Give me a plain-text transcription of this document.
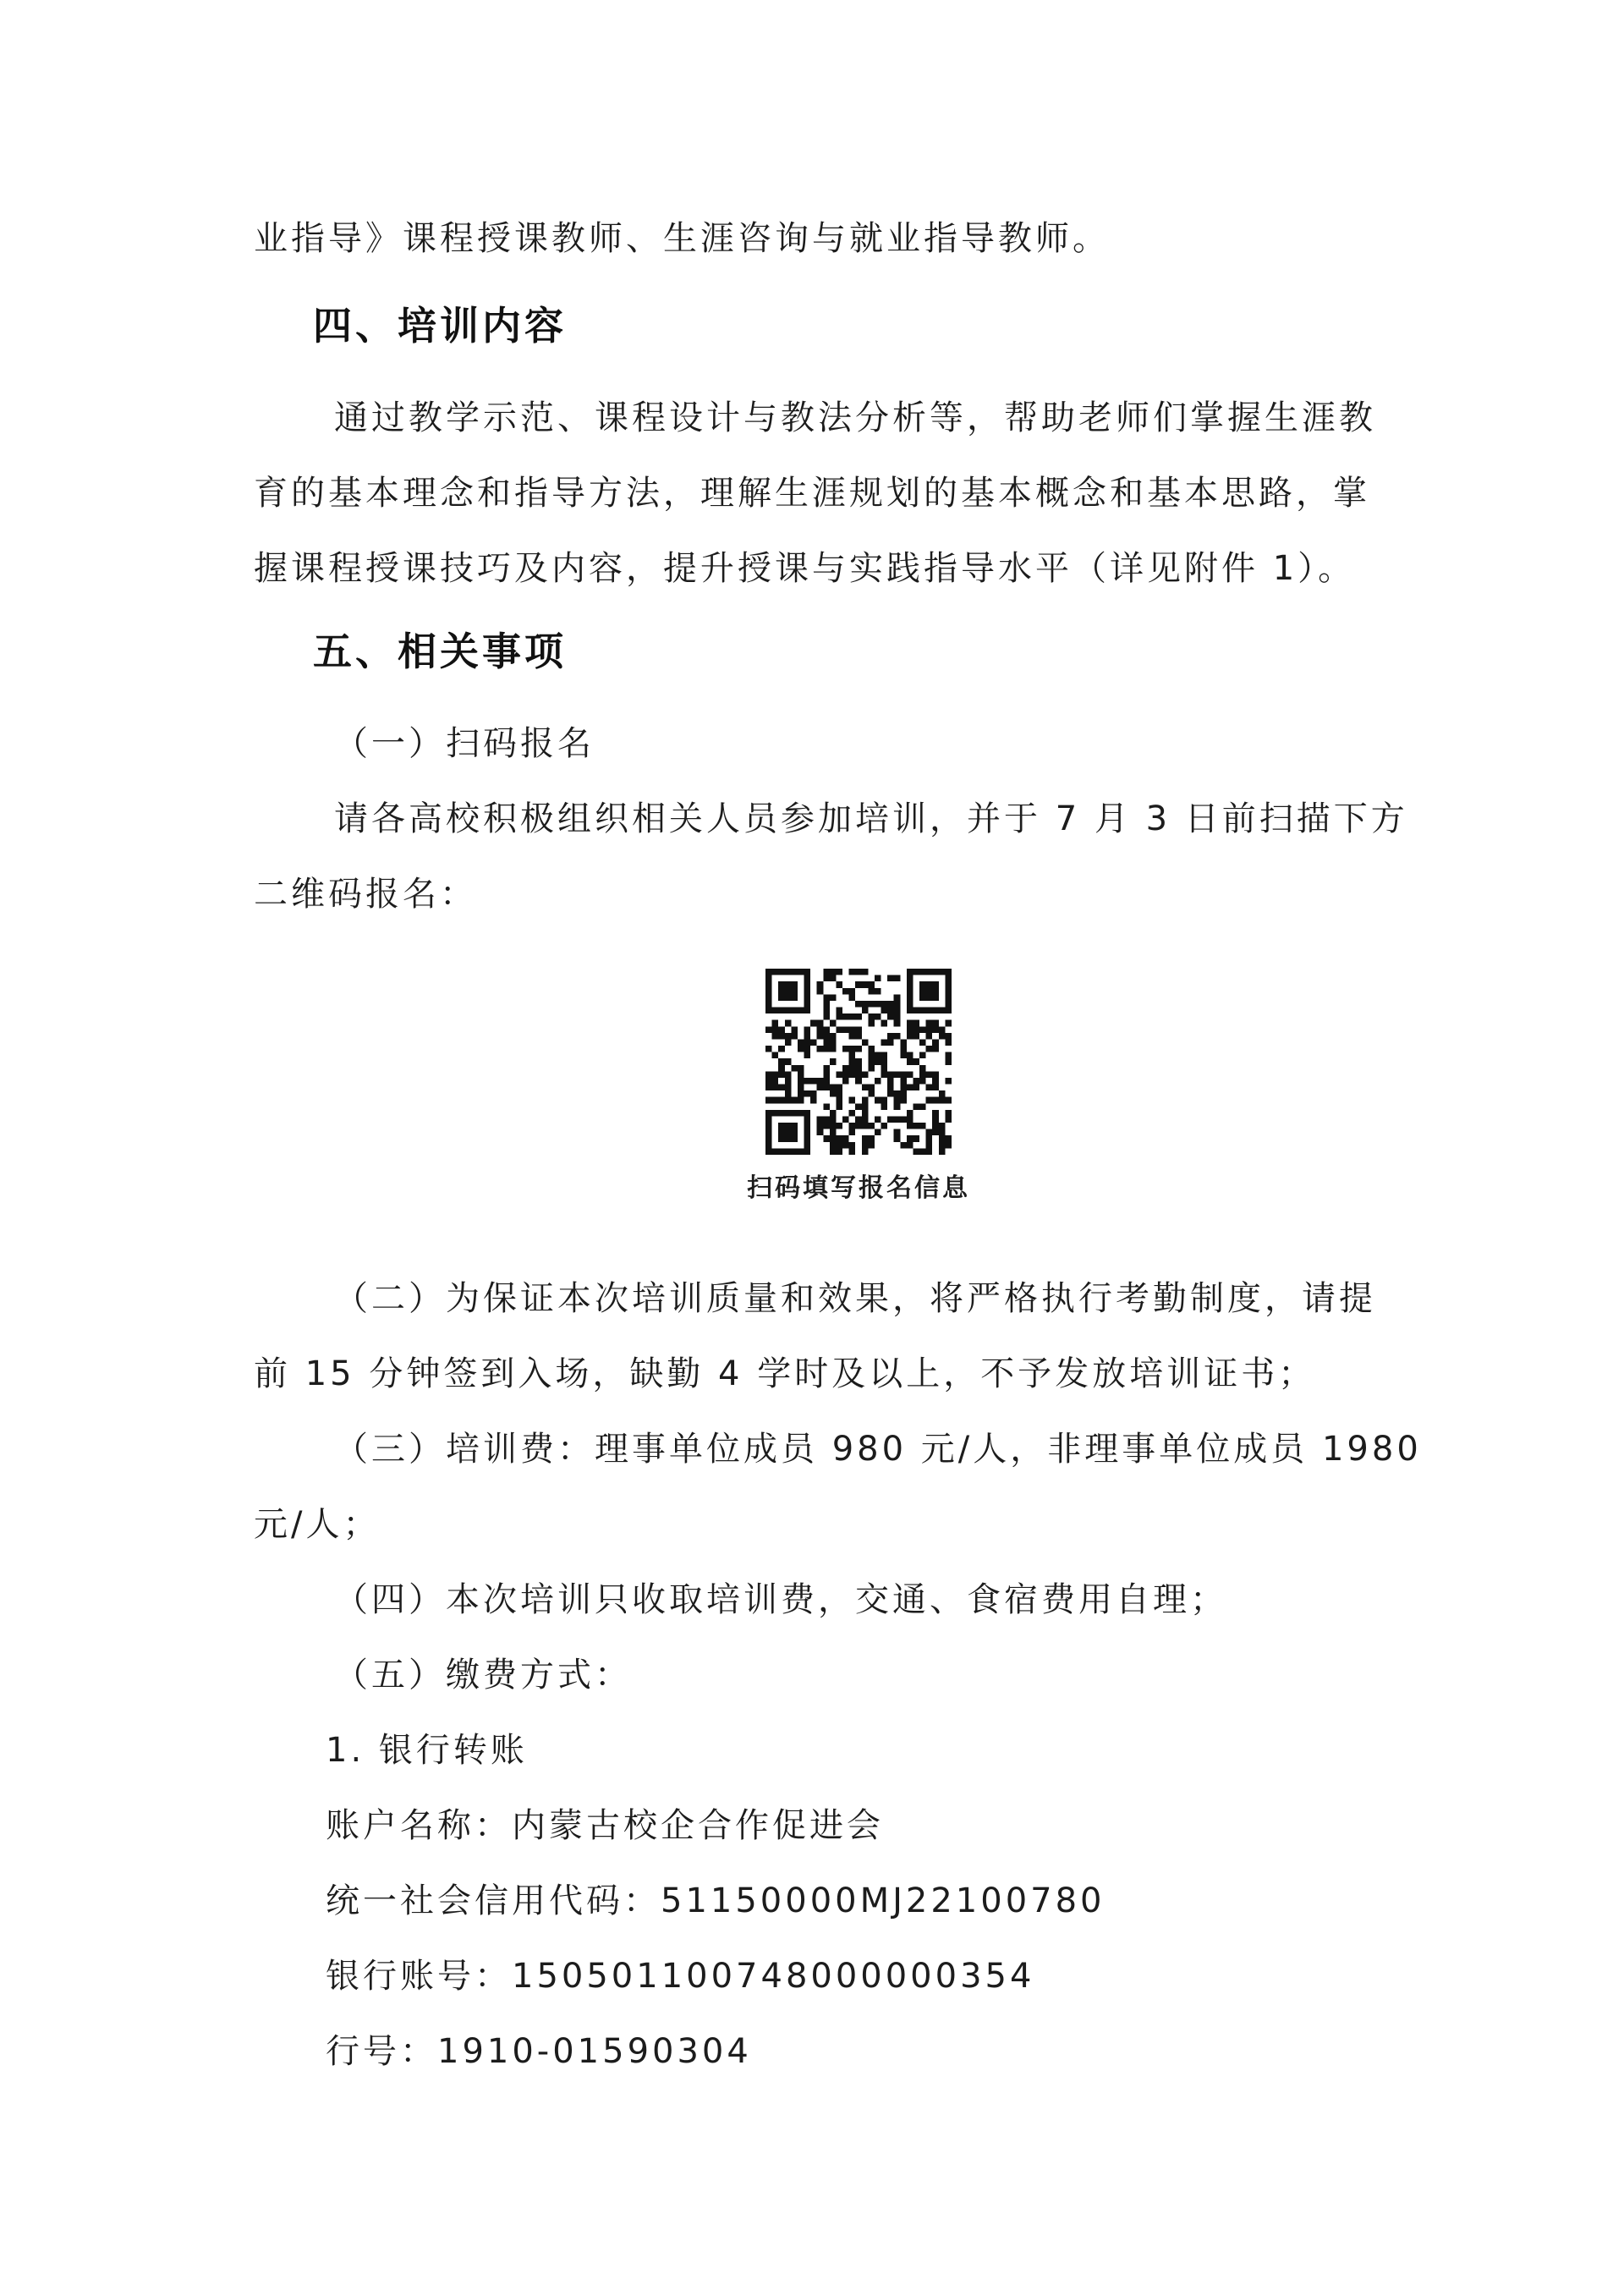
业指导》课程授课教师、生涯咨询与就业指导教师。
四、培训内容
通过教学示范、课程设计与教法分析等，帮助老师们掌握生涯教
育的基本理念和指导方法，理解生涯规划的基本概念和基本思路，掌
握课程授课技巧及内容，提升授课与实践指导水平（详见附件 1）。
五、相关事项
（一）扫码报名
请各高校积极组织相关人员参加培训，并于 7 月 3 日前扫描下方
二维码报名：
扫码填写报名信息
（二）为保证本次培训质量和效果，将严格执行考勤制度，请提
前 15 分钟签到入场，缺勤 4 学时及以上，不予发放培训证书；
（三）培训费：理事单位成员 980 元/人，非理事单位成员 1980
元/人；
（四）本次培训只收取培训费，交通、食宿费用自理；
（五）缴费方式：
1. 银行转账
账户名称：内蒙古校企合作促进会
统一社会信用代码：51150000MJ22100780
银行账号：150501100748000000354
行号：1910-01590304
